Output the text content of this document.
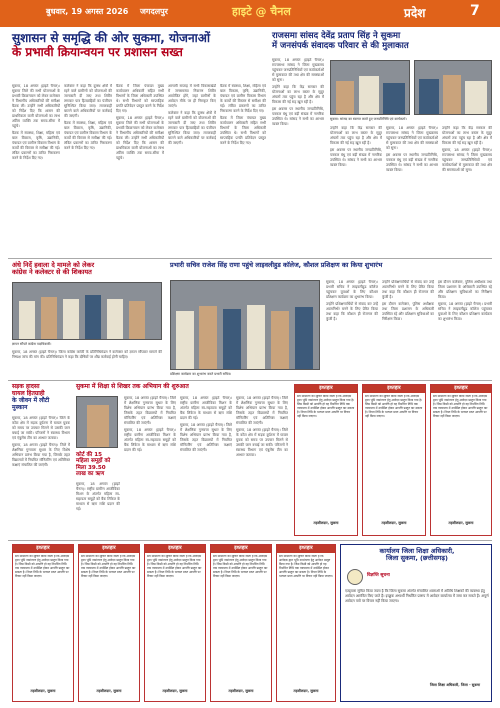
बुधवार, 19 अगस्त 2026 जगदलपुर	हाइटे @ चैनल	प्रदेश	7
सुशासन से समृद्धि की ओर सुकमा, योजनाओं
के प्रभावी क्रियान्वयन पर प्रशासन सख्त

सुकमा, 18 अगस्त (हाइटे चैनल)। सुकमा जिले की सभी योजनाओं के प्रभावी क्रियान्वयन को लेकर कलेक्टर ने विभागीय अधिकारियों की समीक्षा बैठक ली। उन्होंने सभी अधिकारियों को निर्देश दिए कि शासन की प्राथमिकता वाली योजनाओं का लाभ अंतिम व्यक्ति तक समय-सीमा में पहुंचे।

बैठक में स्वास्थ्य, शिक्षा, महिला एवं बाल विकास, कृषि, उद्यानिकी, पंचायत एवं ग्रामीण विकास विभाग के कार्यों की विस्तार से समीक्षा की गई। लंबित प्रकरणों का त्वरित निराकरण करने के निर्देश दिए गए।

कलेक्टर ने कहा कि दूरस्थ क्षेत्रों में रहने वाले ग्रामीणों को योजनाओं की जानकारी दी जाए तथा शिविर लगाकर पात्र हितग्राहियों का पंजीयन सुनिश्चित किया जाए। लापरवाही बरतने वाले अधिकारियों पर कार्रवाई की जाएगी।

बैठक में स्वास्थ्य, शिक्षा, महिला एवं बाल विकास, कृषि, उद्यानिकी, पंचायत एवं ग्रामीण विकास विभाग के कार्यों की विस्तार से समीक्षा की गई। लंबित प्रकरणों का त्वरित निराकरण करने के निर्देश दिए गए।

बैठक में जिला पंचायत मुख्य कार्यपालन अधिकारी सहित सभी विभागों के जिला अधिकारी उपस्थित थे। सभी विभागों को साप्ताहिक प्रगति प्रतिवेदन प्रस्तुत करने के निर्देश दिए गए।

सुकमा, 18 अगस्त (हाइटे चैनल)। सुकमा जिले की सभी योजनाओं के प्रभावी क्रियान्वयन को लेकर कलेक्टर ने विभागीय अधिकारियों की समीक्षा बैठक ली। उन्होंने सभी अधिकारियों को निर्देश दिए कि शासन की प्राथमिकता वाली योजनाओं का लाभ अंतिम व्यक्ति तक समय-सीमा में पहुंचे।

आगामी सप्ताह में सभी विकासखंडों में जनसमस्या निवारण शिविर आयोजित होंगे, जहां ग्रामीणों के आवेदन मौके पर ही निराकृत किए जाएंगे।

कलेक्टर ने कहा कि दूरस्थ क्षेत्रों में रहने वाले ग्रामीणों को योजनाओं की जानकारी दी जाए तथा शिविर लगाकर पात्र हितग्राहियों का पंजीयन सुनिश्चित किया जाए। लापरवाही बरतने वाले अधिकारियों पर कार्रवाई की जाएगी।

बैठक में स्वास्थ्य, शिक्षा, महिला एवं बाल विकास, कृषि, उद्यानिकी, पंचायत एवं ग्रामीण विकास विभाग के कार्यों की विस्तार से समीक्षा की गई। लंबित प्रकरणों का त्वरित निराकरण करने के निर्देश दिए गए।

बैठक में जिला पंचायत मुख्य कार्यपालन अधिकारी सहित सभी विभागों के जिला अधिकारी उपस्थित थे। सभी विभागों को साप्ताहिक प्रगति प्रतिवेदन प्रस्तुत करने के निर्देश दिए गए।

राजसमा सांसद देवेंद्र प्रताप सिंह ने सुकमा
में जनसंपर्क संवादक परिवार से की मुलाकात

सुकमा, 18 अगस्त (हाइटे चैनल)। राज्यसभा सांसद ने जिला मुख्यालय पहुंचकर जनप्रतिनिधियों एवं कार्यकर्ताओं से मुलाकात की तथा क्षेत्र की समस्याओं को सुना।

उन्होंने कहा कि केंद्र सरकार की योजनाओं का लाभ बस्तर के सुदूर अंचलों तक पहुंच रहा है और क्षेत्र में विकास की नई राह खुल रही है।

इस अवसर पर स्थानीय जनप्रतिनिधि, पत्रकार बंधु एवं बड़ी संख्या में नागरिक उपस्थित थे। सांसद ने सभी का आभार व्यक्त किया।

सुकमा: सांसद का स्वागत करते हुए जनप्रतिनिधि एवं कार्यकर्ता।

उन्होंने कहा कि केंद्र सरकार की योजनाओं का लाभ बस्तर के सुदूर अंचलों तक पहुंच रहा है और क्षेत्र में विकास की नई राह खुल रही है।

इस अवसर पर स्थानीय जनप्रतिनिधि, पत्रकार बंधु एवं बड़ी संख्या में नागरिक उपस्थित थे। सांसद ने सभी का आभार व्यक्त किया।

सुकमा, 18 अगस्त (हाइटे चैनल)। राज्यसभा सांसद ने जिला मुख्यालय पहुंचकर जनप्रतिनिधियों एवं कार्यकर्ताओं से मुलाकात की तथा क्षेत्र की समस्याओं को सुना।

इस अवसर पर स्थानीय जनप्रतिनिधि, पत्रकार बंधु एवं बड़ी संख्या में नागरिक उपस्थित थे। सांसद ने सभी का आभार व्यक्त किया।

उन्होंने कहा कि केंद्र सरकार की योजनाओं का लाभ बस्तर के सुदूर अंचलों तक पहुंच रहा है और क्षेत्र में विकास की नई राह खुल रही है।

सुकमा, 18 अगस्त (हाइटे चैनल)। राज्यसभा सांसद ने जिला मुख्यालय पहुंचकर जनप्रतिनिधियों एवं कार्यकर्ताओं से मुलाकात की तथा क्षेत्र की समस्याओं को सुना।

अंधे निर्दे हवाला दे मामले को लेकर
कांग्रेस ने कलेक्टर से की शिकायत
ज्ञापन सौंपते कांग्रेस पदाधिकारी।
सुकमा, 18 अगस्त (हाइटे चैनल)। जिला कांग्रेस कमेटी के प्रतिनिधिमंडल ने कलेक्टर को ज्ञापन सौंपकर मामले की निष्पक्ष जांच की मांग की। प्रतिनिधिमंडल ने कहा कि दोषियों पर शीघ्र कार्रवाई होनी चाहिए।
प्रभारी सचिव राजेश सिंह राणा पहुंचे लाइवलीहुड कॉलेज, कौशल प्रशिक्षण का किया शुभारंभ
प्रशिक्षण कार्यक्रम का शुभारंभ करते प्रभारी सचिव।

सुकमा, 18 अगस्त (हाइटे चैनल)। प्रभारी सचिव ने लाइवलीहुड कॉलेज पहुंचकर युवाओं के लिए कौशल प्रशिक्षण कार्यक्रम का शुभारंभ किया।

उन्होंने प्रशिक्षणार्थियों से संवाद कर उन्हें आत्मनिर्भर बनने के लिए प्रेरित किया तथा कहा कि कौशल ही रोजगार की कुंजी है।

उन्होंने प्रशिक्षणार्थियों से संवाद कर उन्हें आत्मनिर्भर बनने के लिए प्रेरित किया तथा कहा कि कौशल ही रोजगार की कुंजी है।

इस दौरान कलेक्टर, पुलिस अधीक्षक तथा जिला प्रशासन के अधिकारी उपस्थित रहे और प्रशिक्षण सुविधाओं का निरीक्षण किया।

इस दौरान कलेक्टर, पुलिस अधीक्षक तथा जिला प्रशासन के अधिकारी उपस्थित रहे और प्रशिक्षण सुविधाओं का निरीक्षण किया।

सुकमा, 18 अगस्त (हाइटे चैनल)। प्रभारी सचिव ने लाइवलीहुड कॉलेज पहुंचकर युवाओं के लिए कौशल प्रशिक्षण कार्यक्रम का शुभारंभ किया।

सड़क हादसा
घायल हितग्राही
के जीवन में लौटी
मुस्कान

सुकमा, 18 अगस्त (हाइटे चैनल)। जिले के कोंटा क्षेत्र में सड़क दुर्घटना में घायल युवक को समय पर उपचार मिलने से उसकी जान बचाई जा सकी। परिजनों ने स्वास्थ्य विभाग एवं एंबुलेंस टीम का आभार जताया।

सुकमा, 18 अगस्त (हाइटे चैनल)। जिले में शैक्षणिक गुणवत्ता सुधार के लिए विशेष अभियान प्रारंभ किया गया है, जिसके तहत विद्यालयों में नियमित मॉनिटरिंग एवं अतिरिक्त कक्षाएं संचालित की जाएंगी।

सुकमा में शिक्षा से शिखर तक अभियान की शुरुआत
कोर्ट की 15
महिला समूहों को
मिला 39.50
लाख का ऋण
सुकमा, 18 अगस्त (हाइटे चैनल)। राष्ट्रीय ग्रामीण आजीविका मिशन के अंतर्गत महिला स्व-सहायता समूहों को बैंक लिंकेज के माध्यम से ऋण राशि प्रदान की गई।

सुकमा, 18 अगस्त (हाइटे चैनल)। जिले में शैक्षणिक गुणवत्ता सुधार के लिए विशेष अभियान प्रारंभ किया गया है, जिसके तहत विद्यालयों में नियमित मॉनिटरिंग एवं अतिरिक्त कक्षाएं संचालित की जाएंगी।

सुकमा, 18 अगस्त (हाइटे चैनल)। राष्ट्रीय ग्रामीण आजीविका मिशन के अंतर्गत महिला स्व-सहायता समूहों को बैंक लिंकेज के माध्यम से ऋण राशि प्रदान की गई।

सुकमा, 18 अगस्त (हाइटे चैनल)। राष्ट्रीय ग्रामीण आजीविका मिशन के अंतर्गत महिला स्व-सहायता समूहों को बैंक लिंकेज के माध्यम से ऋण राशि प्रदान की गई।

सुकमा, 18 अगस्त (हाइटे चैनल)। जिले में शैक्षणिक गुणवत्ता सुधार के लिए विशेष अभियान प्रारंभ किया गया है, जिसके तहत विद्यालयों में नियमित मॉनिटरिंग एवं अतिरिक्त कक्षाएं संचालित की जाएंगी।

सुकमा, 18 अगस्त (हाइटे चैनल)। जिले में शैक्षणिक गुणवत्ता सुधार के लिए विशेष अभियान प्रारंभ किया गया है, जिसके तहत विद्यालयों में नियमित मॉनिटरिंग एवं अतिरिक्त कक्षाएं संचालित की जाएंगी।

सुकमा, 18 अगस्त (हाइटे चैनल)। जिले के कोंटा क्षेत्र में सड़क दुर्घटना में घायल युवक को समय पर उपचार मिलने से उसकी जान बचाई जा सकी। परिजनों ने स्वास्थ्य विभाग एवं एंबुलेंस टीम का आभार जताया।

इश्तहार
सर्व साधारण को सूचित किया जाता है कि आवेदक द्वारा भूमि नामांतरण हेतु आवेदन प्रस्तुत किया गया है। जिस किसी को आपत्ति हो वह निर्धारित तिथि तक न्यायालय में उपस्थित होकर आपत्ति प्रस्तुत कर सकता है। नियत तिथि के पश्चात प्राप्त आपत्ति पर विचार नहीं किया जाएगा।
तहसीलदार, सुकमा
इश्तहार
सर्व साधारण को सूचित किया जाता है कि आवेदक द्वारा भूमि नामांतरण हेतु आवेदन प्रस्तुत किया गया है। जिस किसी को आपत्ति हो वह निर्धारित तिथि तक न्यायालय में उपस्थित होकर आपत्ति प्रस्तुत कर सकता है। नियत तिथि के पश्चात प्राप्त आपत्ति पर विचार नहीं किया जाएगा।
तहसीलदार, सुकमा
इश्तहार
सर्व साधारण को सूचित किया जाता है कि आवेदक द्वारा भूमि नामांतरण हेतु आवेदन प्रस्तुत किया गया है। जिस किसी को आपत्ति हो वह निर्धारित तिथि तक न्यायालय में उपस्थित होकर आपत्ति प्रस्तुत कर सकता है। नियत तिथि के पश्चात प्राप्त आपत्ति पर विचार नहीं किया जाएगा।
तहसीलदार, सुकमा
इश्तहार
सर्व साधारण को सूचित किया जाता है कि आवेदक द्वारा भूमि नामांतरण हेतु आवेदन प्रस्तुत किया गया है। जिस किसी को आपत्ति हो वह निर्धारित तिथि तक न्यायालय में उपस्थित होकर आपत्ति प्रस्तुत कर सकता है। नियत तिथि के पश्चात प्राप्त आपत्ति पर विचार नहीं किया जाएगा।
तहसीलदार, सुकमा
इश्तहार
सर्व साधारण को सूचित किया जाता है कि आवेदक द्वारा भूमि नामांतरण हेतु आवेदन प्रस्तुत किया गया है। जिस किसी को आपत्ति हो वह निर्धारित तिथि तक न्यायालय में उपस्थित होकर आपत्ति प्रस्तुत कर सकता है। नियत तिथि के पश्चात प्राप्त आपत्ति पर विचार नहीं किया जाएगा।
तहसीलदार, सुकमा
इश्तहार
सर्व साधारण को सूचित किया जाता है कि आवेदक द्वारा भूमि नामांतरण हेतु आवेदन प्रस्तुत किया गया है। जिस किसी को आपत्ति हो वह निर्धारित तिथि तक न्यायालय में उपस्थित होकर आपत्ति प्रस्तुत कर सकता है। नियत तिथि के पश्चात प्राप्त आपत्ति पर विचार नहीं किया जाएगा।
तहसीलदार, सुकमा
इश्तहार
सर्व साधारण को सूचित किया जाता है कि आवेदक द्वारा भूमि नामांतरण हेतु आवेदन प्रस्तुत किया गया है। जिस किसी को आपत्ति हो वह निर्धारित तिथि तक न्यायालय में उपस्थित होकर आपत्ति प्रस्तुत कर सकता है। नियत तिथि के पश्चात प्राप्त आपत्ति पर विचार नहीं किया जाएगा।
तहसीलदार, सुकमा
इश्तहार
सर्व साधारण को सूचित किया जाता है कि आवेदक द्वारा भूमि नामांतरण हेतु आवेदन प्रस्तुत किया गया है। जिस किसी को आपत्ति हो वह निर्धारित तिथि तक न्यायालय में उपस्थित होकर आपत्ति प्रस्तुत कर सकता है। नियत तिथि के पश्चात प्राप्त आपत्ति पर विचार नहीं किया जाएगा।
तहसीलदार, सुकमा
कार्यालय जिला शिक्षा अधिकारी,
जिला सुकमा, (छत्तीसगढ़)
विज्ञप्ति सूचना
एतद्द्वारा सूचित किया जाता है कि जिला सुकमा अंतर्गत संचालित शालाओं में अतिथि शिक्षकों की व्यवस्था हेतु आवेदन आमंत्रित किए जाते हैं। इच्छुक अभ्यर्थी निर्धारित प्रारूप में आवेदन कार्यालय में जमा कर सकते हैं। अपूर्ण आवेदन पत्रों पर विचार नहीं किया जाएगा।
जिला शिक्षा अधिकारी, जिला - सुकमा
